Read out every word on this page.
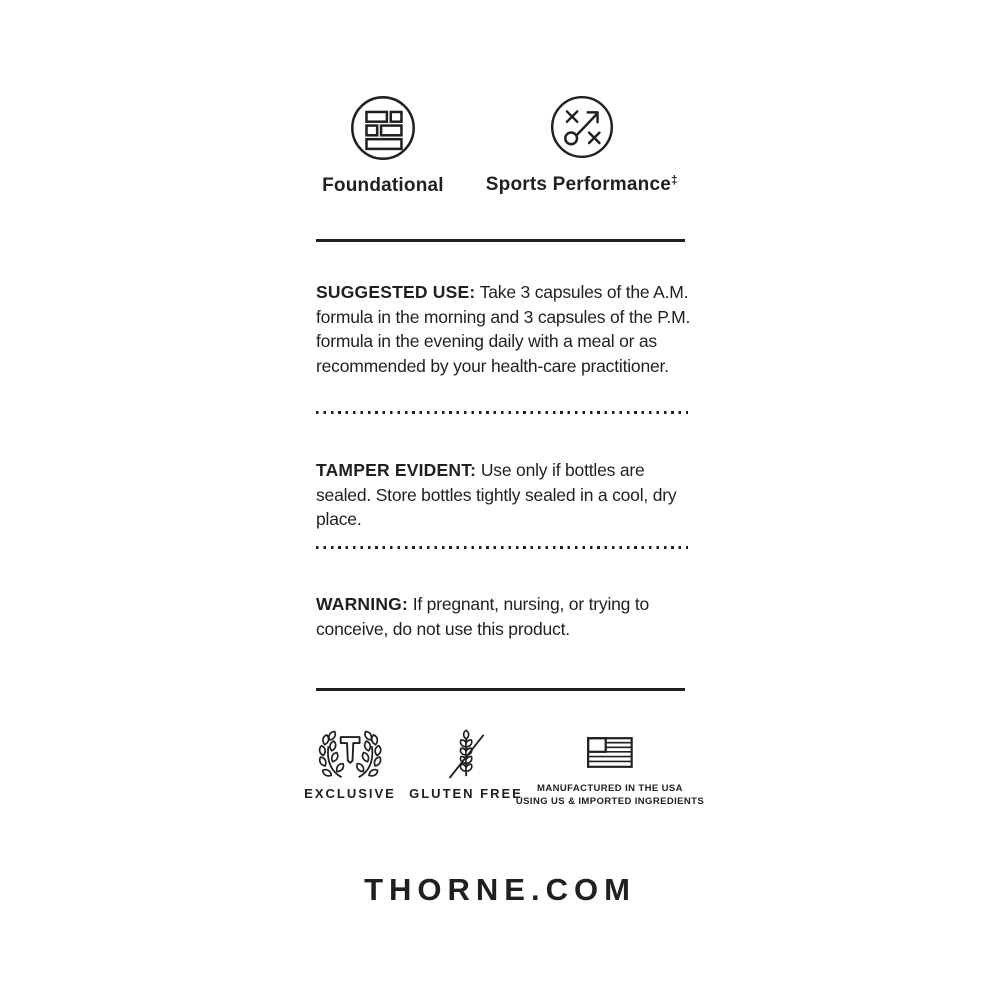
Foundational Sports Performance‡

SUGGESTED USE: Take 3 capsules of the A.M. formula in the morning and 3 capsules of the P.M. formula in the evening daily with a meal or as recommended by your health-care practitioner.

TAMPER EVIDENT: Use only if bottles are sealed. Store bottles tightly sealed in a cool, dry place.

WARNING: If pregnant, nursing, or trying to conceive, do not use this product.

EXCLUSIVE GLUTEN FREE	MANUFACTURED IN THE USA
USING US & IMPORTED INGREDIENTS
THORNE.COM
